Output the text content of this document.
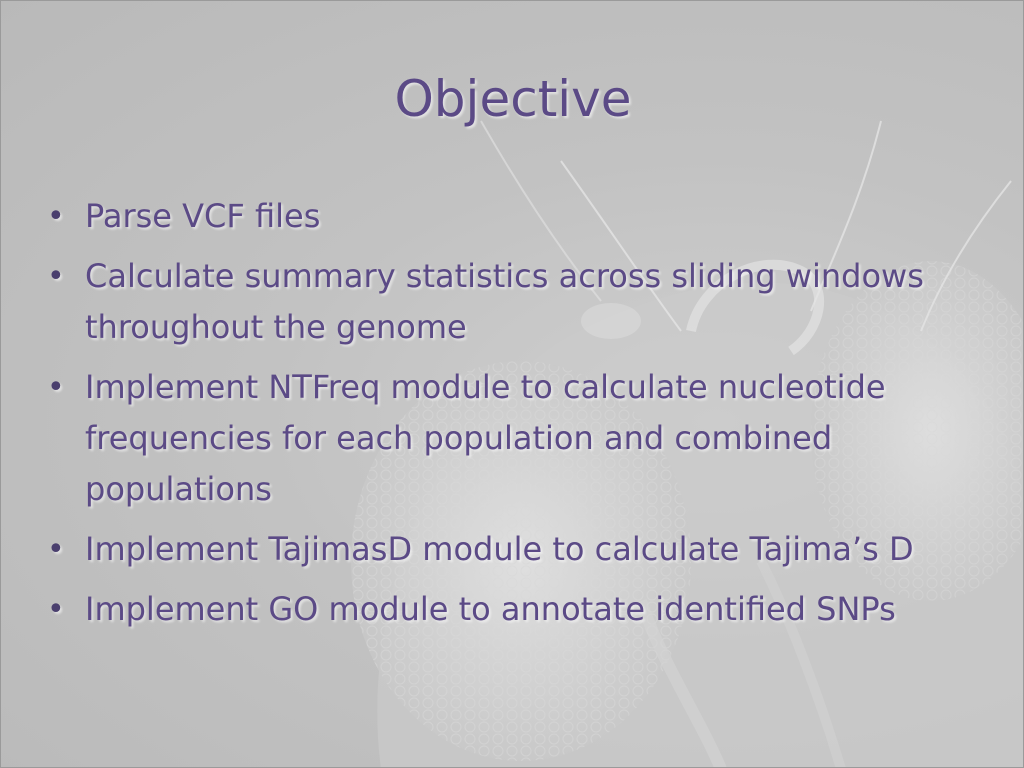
Objective
• Parse VCF files
• Calculate summary statistics across sliding windows throughout the genome
• Implement NTFreq module to calculate nucleotide frequencies for each population and combined populations
• Implement TajimasD module to calculate Tajima’s D
• Implement GO module to annotate identified SNPs
